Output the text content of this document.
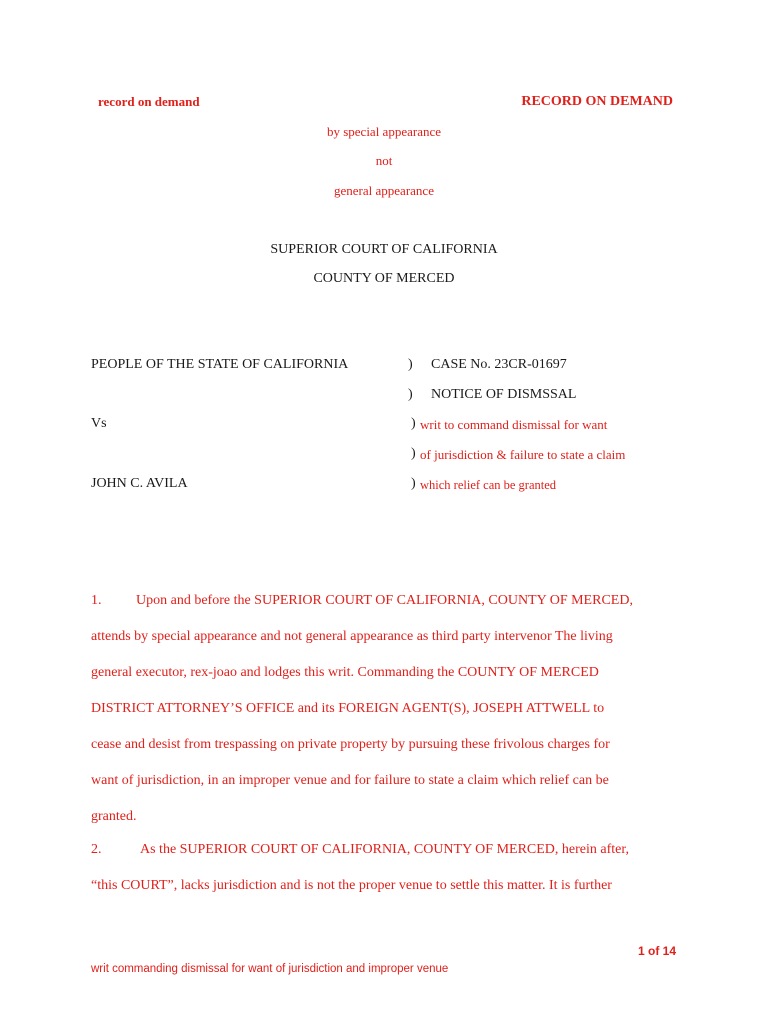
record on demand	RECORD ON DEMAND
by special appearance
not
general appearance
SUPERIOR COURT OF CALIFORNIA
COUNTY OF MERCED
PEOPLE OF THE STATE OF CALIFORNIA
Vs
JOHN C. AVILA
)
)
)
)
)
CASE No. 23CR-01697
NOTICE OF DISMSSAL
writ to command dismissal for want
of jurisdiction & failure to state a claim
which relief can be granted
1. Upon and before the SUPERIOR COURT OF CALIFORNIA, COUNTY OF MERCED,
attends by special appearance and not general appearance as third party intervenor The living
general executor, rex-joao and lodges this writ. Commanding the COUNTY OF MERCED
DISTRICT ATTORNEY’S OFFICE and its FOREIGN AGENT(S), JOSEPH ATTWELL to
cease and desist from trespassing on private property by pursuing these frivolous charges for
want of jurisdiction, in an improper venue and for failure to state a claim which relief can be
granted.
2.	As the SUPERIOR COURT OF CALIFORNIA, COUNTY OF MERCED, herein after,
“this COURT”, lacks jurisdiction and is not the proper venue to settle this matter. It is further
1 of 14
writ commanding dismissal for want of jurisdiction and improper venue
